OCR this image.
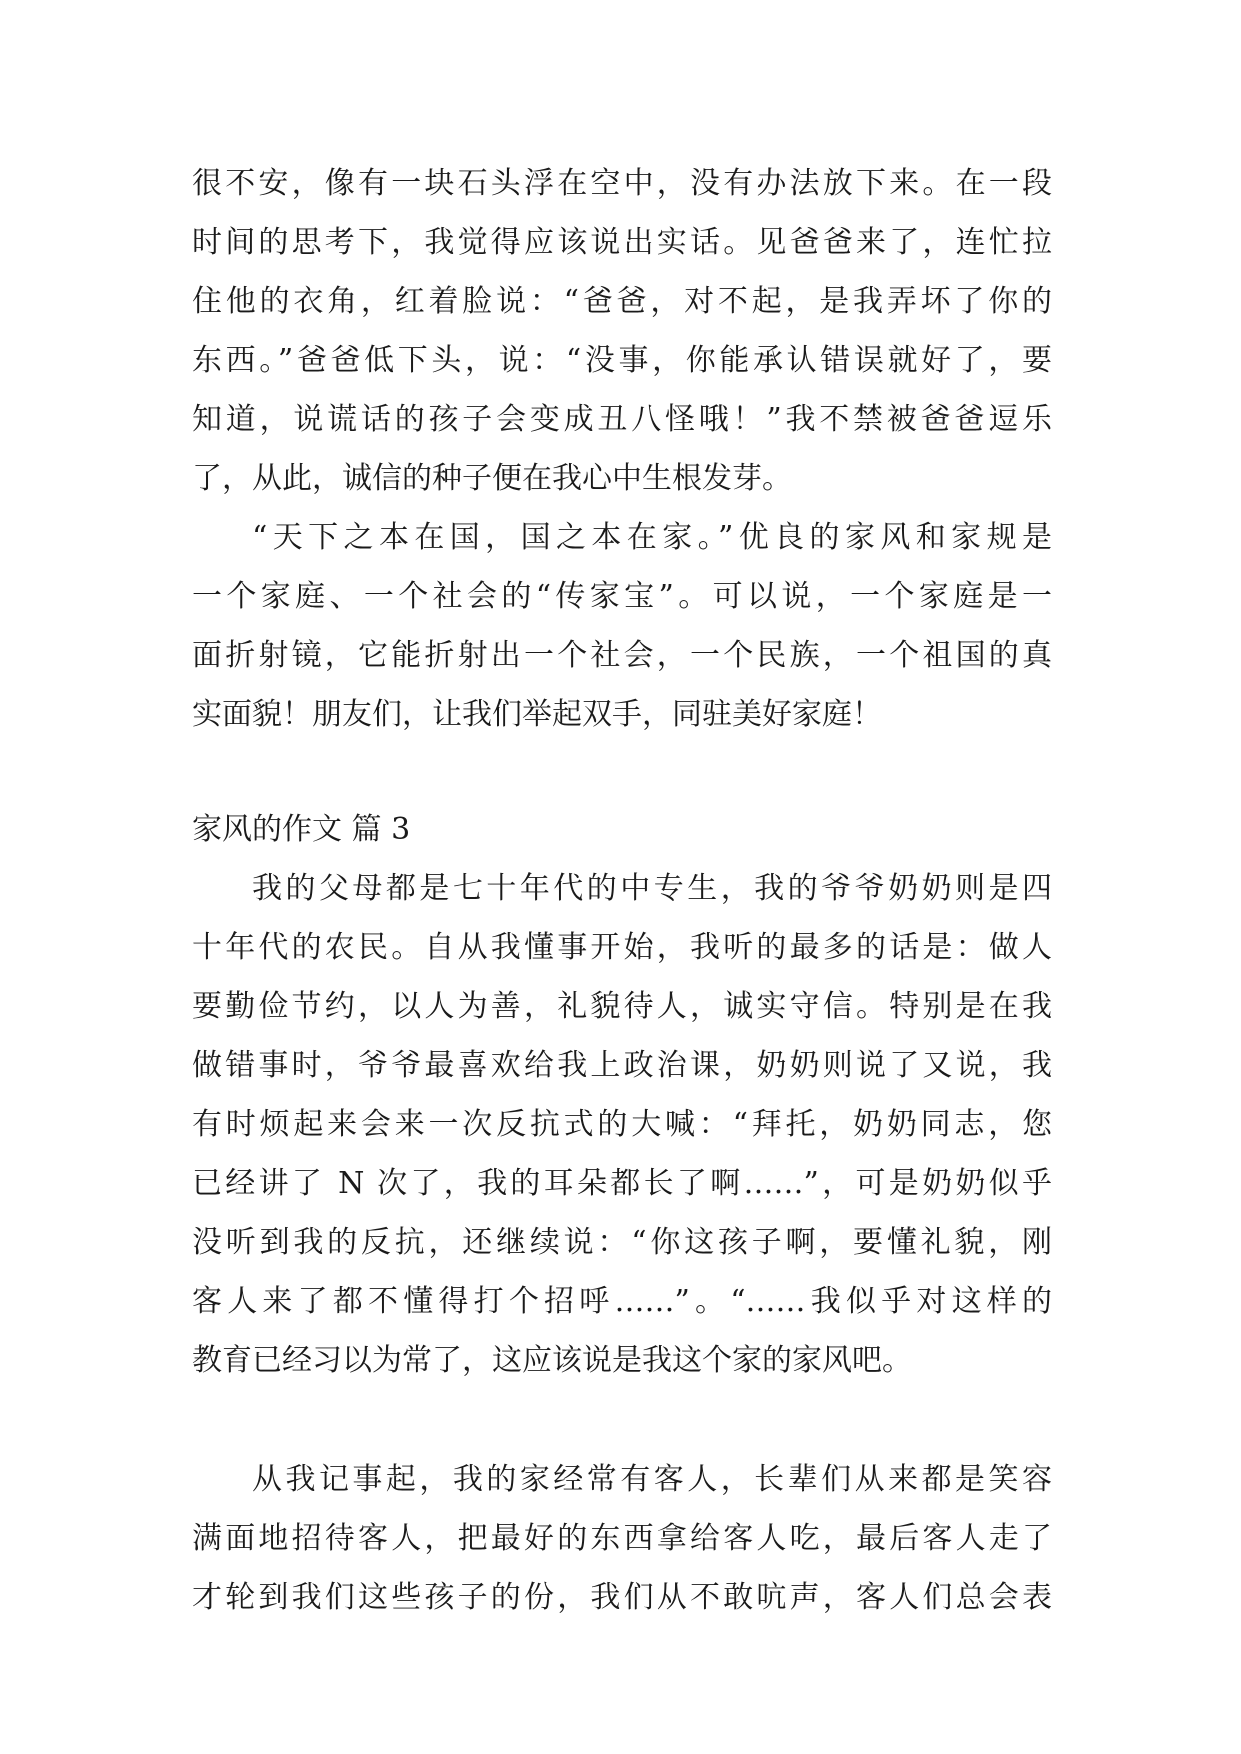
很不安，像有一块石头浮在空中，没有办法放下来。在一段
时间的思考下，我觉得应该说出实话。见爸爸来了，连忙拉
住他的衣角，红着脸说：“爸爸，对不起，是我弄坏了你的
东西。”爸爸低下头，说：“没事，你能承认错误就好了，要
知道，说谎话的孩子会变成丑八怪哦！”我不禁被爸爸逗乐
了，从此，诚信的种子便在我心中生根发芽。
“天下之本在国，国之本在家。”优良的家风和家规是
一个家庭、一个社会的“传家宝”。可以说，一个家庭是一
面折射镜，它能折射出一个社会，一个民族，一个祖国的真
实面貌！朋友们，让我们举起双手，同驻美好家庭！
家风的作文 篇 3
我的父母都是七十年代的中专生，我的爷爷奶奶则是四
十年代的农民。自从我懂事开始，我听的最多的话是：做人
要勤俭节约，以人为善，礼貌待人，诚实守信。特别是在我
做错事时，爷爷最喜欢给我上政治课，奶奶则说了又说，我
有时烦起来会来一次反抗式的大喊：“拜托，奶奶同志，您
已经讲了 N 次了，我的耳朵都长了啊……”，可是奶奶似乎
没听到我的反抗，还继续说：“你这孩子啊，要懂礼貌，刚
客人来了都不懂得打个招呼……”。“……我似乎对这样的
教育已经习以为常了，这应该说是我这个家的家风吧。
从我记事起，我的家经常有客人，长辈们从来都是笑容
满面地招待客人，把最好的东西拿给客人吃，最后客人走了
才轮到我们这些孩子的份，我们从不敢吭声，客人们总会表
